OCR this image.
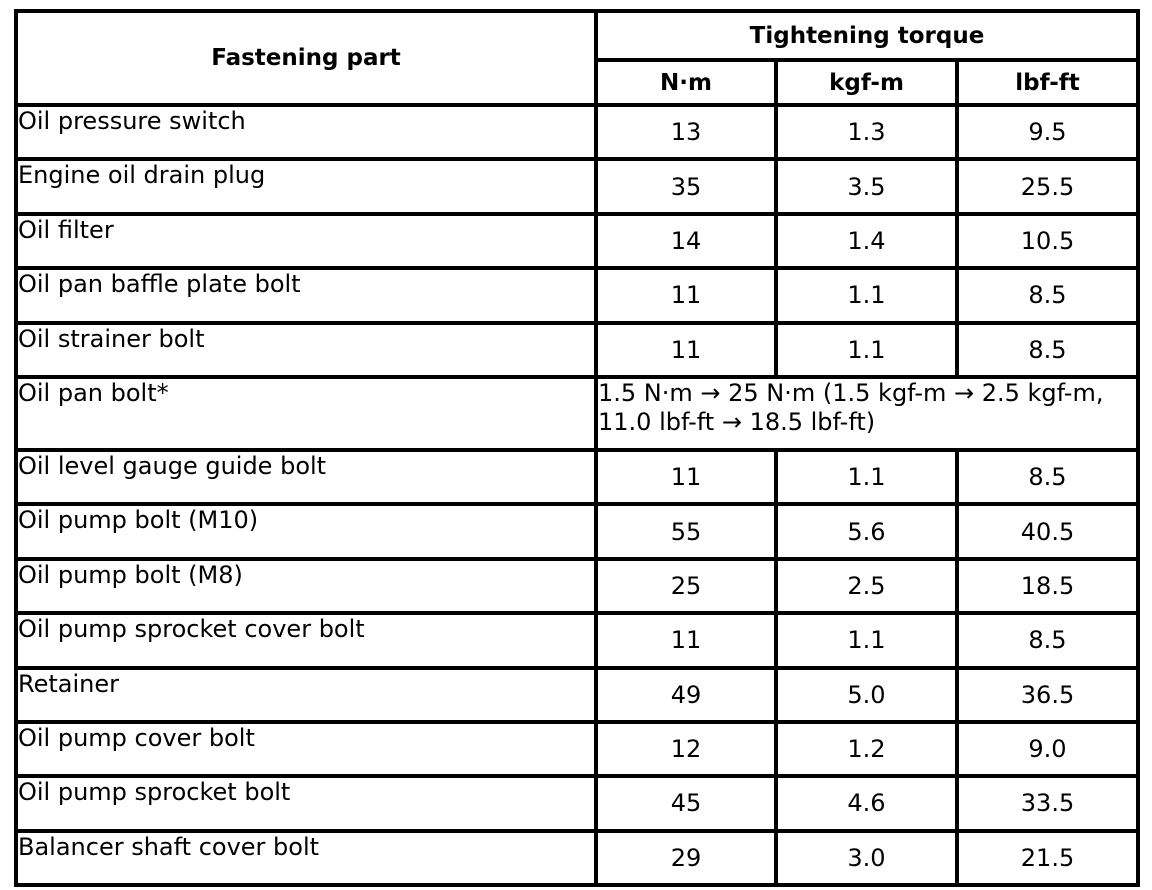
Fastening part	Tightening torque		
	N·m	kgf-m	lbf-ft
Oil pressure switch	13	1.3	9.5
Engine oil drain plug	35	3.5	25.5
Oil filter	14	1.4	10.5
Oil pan baffle plate bolt	11	1.1	8.5
Oil strainer bolt	11	1.1	8.5
Oil pan bolt*	1.5 N·m → 25 N·m (1.5 kgf-m → 2.5 kgf-m, 11.0 lbf-ft → 18.5 lbf-ft)		
Oil level gauge guide bolt	11	1.1	8.5
Oil pump bolt (M10)	55	5.6	40.5
Oil pump bolt (M8)	25	2.5	18.5
Oil pump sprocket cover bolt	11	1.1	8.5
Retainer	49	5.0	36.5
Oil pump cover bolt	12	1.2	9.0
Oil pump sprocket bolt	45	4.6	33.5
Balancer shaft cover bolt	29	3.0	21.5
